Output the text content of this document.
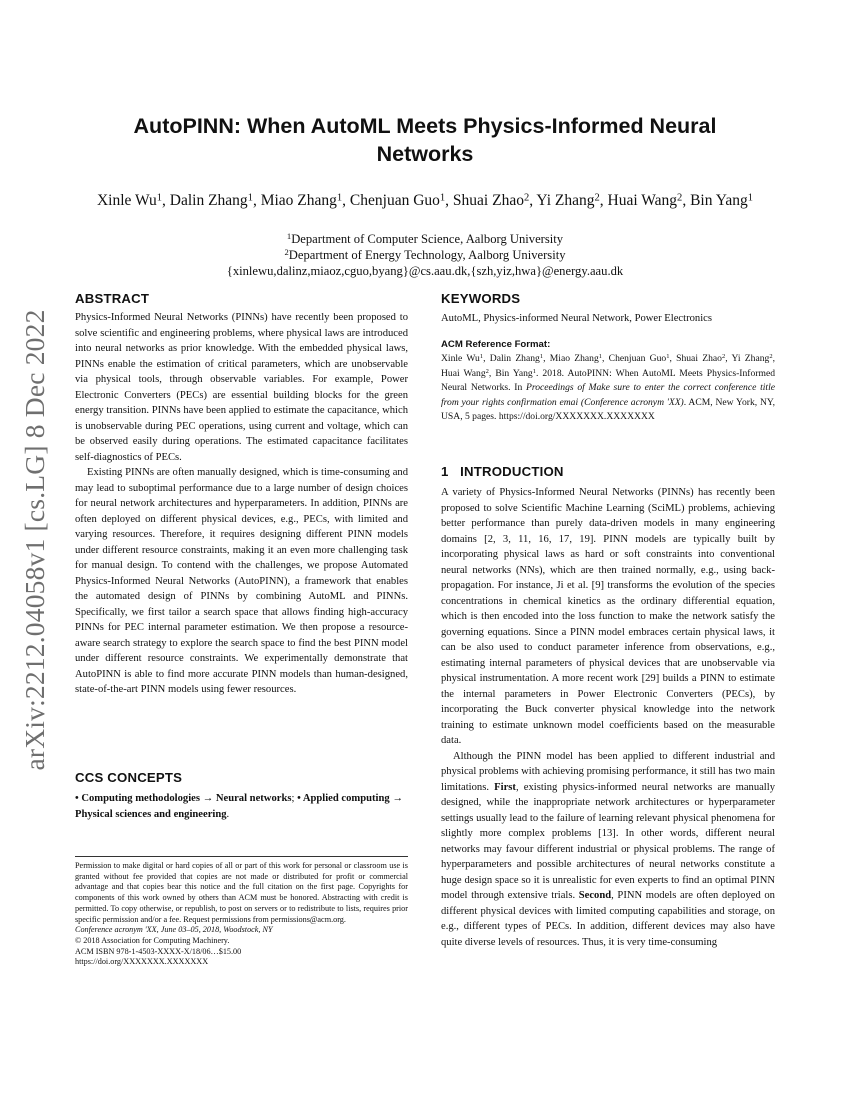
arXiv:2212.04058v1 [cs.LG] 8 Dec 2022
AutoPINN: When AutoML Meets Physics-Informed Neural Networks
Xinle Wu$^1$, Dalin Zhang$^1$, Miao Zhang$^1$, Chenjuan Guo$^1$, Shuai Zhao$^2$, Yi Zhang$^2$, Huai Wang$^2$, Bin Yang$^1$
$^1$Department of Computer Science, Aalborg University
$^2$Department of Energy Technology, Aalborg University
{xinlewu,dalinz,miaoz,cguo,byang}@cs.aau.dk,{szh,yiz,hwa}@energy.aau.dk
ABSTRACT

Physics-Informed Neural Networks (PINNs) have recently been proposed to solve scientific and engineering problems, where physical laws are introduced into neural networks as prior knowledge. With the embedded physical laws, PINNs enable the estimation of critical parameters, which are unobservable via physical tools, through observable variables. For example, Power Electronic Converters (PECs) are essential building blocks for the green energy transition. PINNs have been applied to estimate the capacitance, which is unobservable during PEC operations, using current and voltage, which can be observed easily during operations. The estimated capacitance facilitates self-diagnostics of PECs.

Existing PINNs are often manually designed, which is time-consuming and may lead to suboptimal performance due to a large number of design choices for neural network architectures and hyperparameters. In addition, PINNs are often deployed on different physical devices, e.g., PECs, with limited and varying resources. Therefore, it requires designing different PINN models under different resource constraints, making it an even more challenging task for manual design. To contend with the challenges, we propose Automated Physics-Informed Neural Networks (AutoPINN), a framework that enables the automated design of PINNs by combining AutoML and PINNs. Specifically, we first tailor a search space that allows finding high-accuracy PINNs for PEC internal parameter estimation. We then propose a resource-aware search strategy to explore the search space to find the best PINN model under different resource constraints. We experimentally demonstrate that AutoPINN is able to find more accurate PINN models than human-designed, state-of-the-art PINN models using fewer resources.

CCS CONCEPTS
• Computing methodologies → Neural networks; • Applied computing → Physical sciences and engineering.

Permission to make digital or hard copies of all or part of this work for personal or classroom use is granted without fee provided that copies are not made or distributed for profit or commercial advantage and that copies bear this notice and the full citation on the first page. Copyrights for components of this work owned by others than ACM must be honored. Abstracting with credit is permitted. To copy otherwise, or republish, to post on servers or to redistribute to lists, requires prior specific permission and/or a fee. Request permissions from permissions@acm.org.

Conference acronym 'XX, June 03–05, 2018, Woodstock, NY

© 2018 Association for Computing Machinery.

ACM ISBN 978-1-4503-XXXX-X/18/06…$15.00

https://doi.org/XXXXXXX.XXXXXXX

KEYWORDS
AutoML, Physics-informed Neural Network, Power Electronics
ACM Reference Format:
Xinle Wu$^1$, Dalin Zhang$^1$, Miao Zhang$^1$, Chenjuan Guo$^1$, Shuai Zhao$^2$, Yi Zhang$^2$, Huai Wang$^2$, Bin Yang$^1$. 2018. AutoPINN: When AutoML Meets Physics-Informed Neural Networks. In Proceedings of Make sure to enter the correct conference title from your rights confirmation emai (Conference acronym 'XX). ACM, New York, NY, USA, 5 pages. https://doi.org/XXXXXXX.XXXXXXX
1 INTRODUCTION

A variety of Physics-Informed Neural Networks (PINNs) has recently been proposed to solve Scientific Machine Learning (SciML) problems, achieving better performance than purely data-driven models in many engineering domains [2, 3, 11, 16, 17, 19]. PINN models are typically built by incorporating physical laws as hard or soft constraints into conventional neural networks (NNs), which are then trained normally, e.g., using back-propagation. For instance, Ji et al. [9] transforms the evolution of the species concentrations in chemical kinetics as the ordinary differential equation, which is then encoded into the loss function to make the network satisfy the governing equations. Since a PINN model embraces certain physical laws, it can be also used to conduct parameter inference from observations, e.g., estimating internal parameters of physical devices that are unobservable via physical instrumentation. A more recent work [29] builds a PINN to estimate the internal parameters in Power Electronic Converters (PECs), by incorporating the Buck converter physical knowledge into the network training to estimate unknown model coefficients based on the measurable data.

Although the PINN model has been applied to different industrial and physical problems with achieving promising performance, it still has two main limitations. First, existing physics-informed neural networks are manually designed, while the inappropriate network architectures or hyperparameter settings usually lead to the failure of learning relevant physical phenomena for slightly more complex problems [13]. In other words, different neural networks may favour different industrial or physical problems. The range of hyperparameters and possible architectures of neural networks constitute a huge design space so it is unrealistic for even experts to find an optimal PINN model through extensive trials. Second, PINN models are often deployed on different physical devices with limited computing capabilities and storage, on e.g., different types of PECs. In addition, different devices may also have quite diverse levels of resources. Thus, it is very time-consuming
